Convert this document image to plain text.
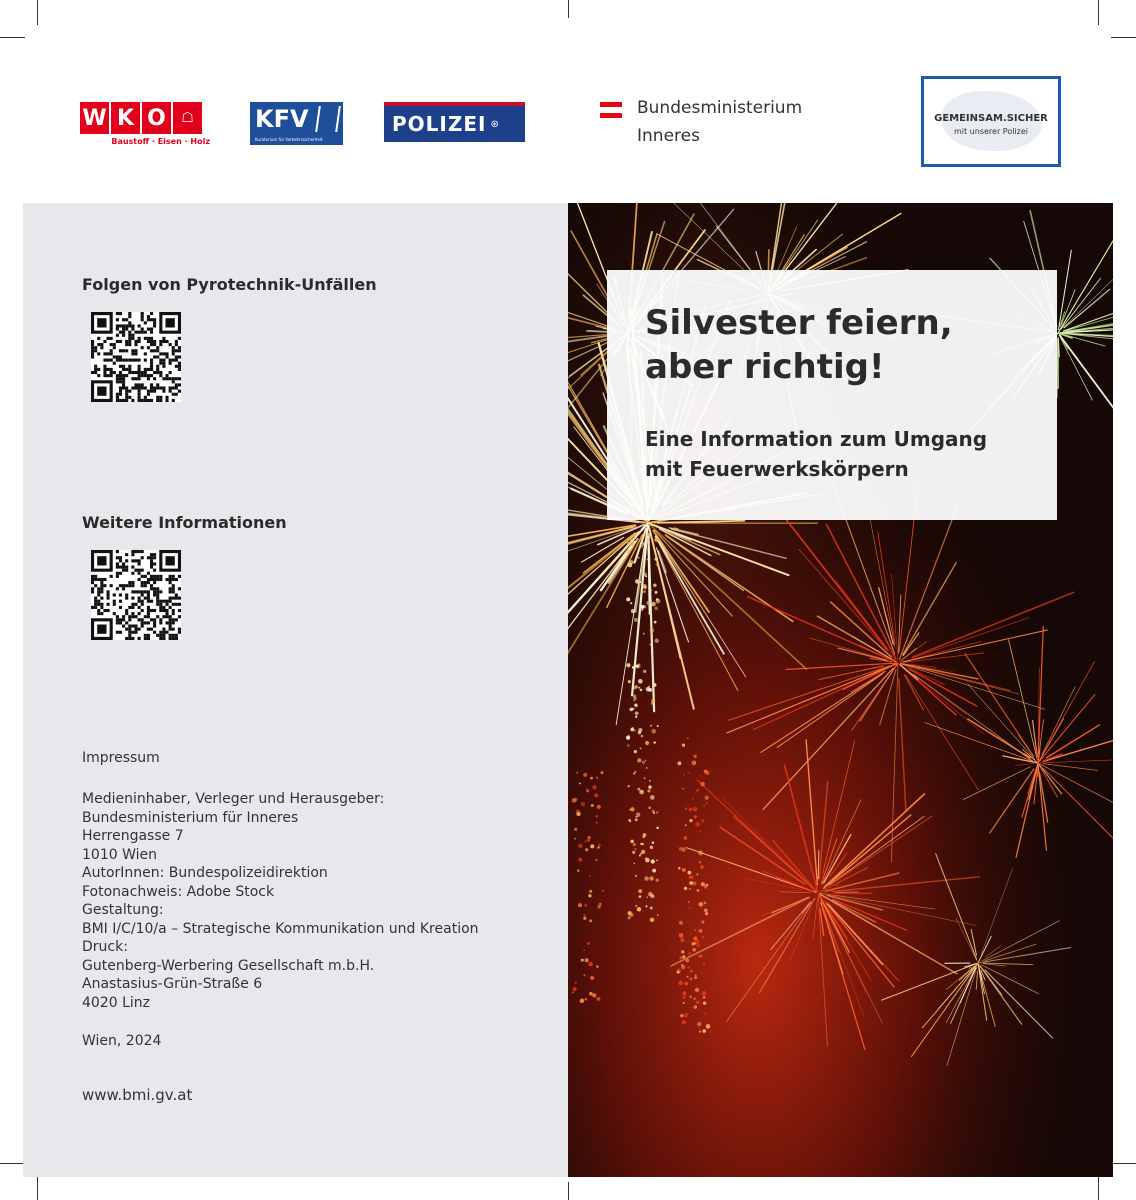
W K O	☖
Baustoff · Eisen · Holz
KFV
Kuratorium für Verkehrssicherheit
POLIZEI ⊛
Bundesministerium
Inneres
GEMEINSAM.SICHER
mit unserer Polizei
Folgen von Pyrotechnik-Unfällen
Weitere Informationen
Impressum
Medieninhaber, Verleger und Herausgeber:
Bundesministerium für Inneres
Herrengasse 7
1010 Wien
AutorInnen: Bundespolizeidirektion
Fotonachweis: Adobe Stock
Gestaltung:
BMI I/C/10/a – Strategische Kommunikation und Kreation
Druck:
Gutenberg-Werbering Gesellschaft m.b.H.
Anastasius-Grün-Straße 6
4020 Linz
Wien, 2024
www.bmi.gv.at
Silvester feiern,
aber richtig!
Eine Information zum Umgang
mit Feuerwerkskörpern
